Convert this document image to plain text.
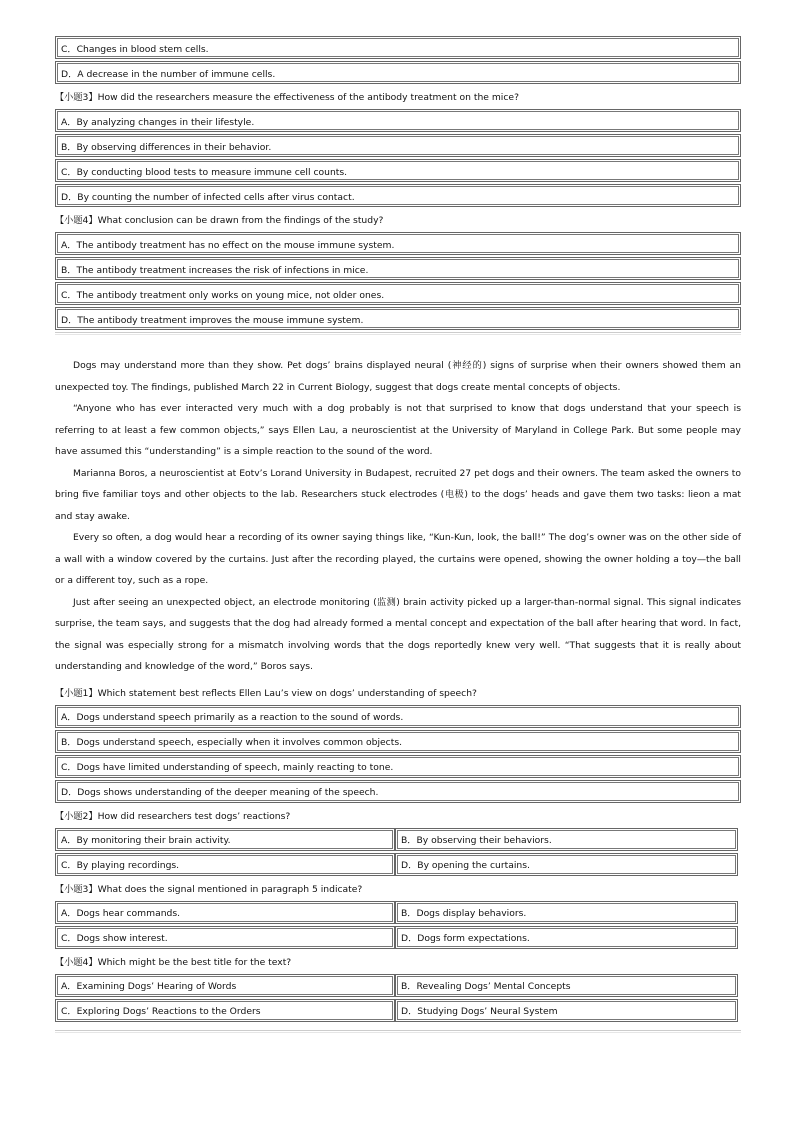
C．Changes in blood stem cells.
D．A decrease in the number of immune cells.
【小题3】How did the researchers measure the effectiveness of the antibody treatment on the mice?
A．By analyzing changes in their lifestyle.
B．By observing differences in their behavior.
C．By conducting blood tests to measure immune cell counts.
D．By counting the number of infected cells after virus contact.
【小题4】What conclusion can be drawn from the findings of the study?
A．The antibody treatment has no effect on the mouse immune system.
B．The antibody treatment increases the risk of infections in mice.
C．The antibody treatment only works on young mice, not older ones.
D．The antibody treatment improves the mouse immune system.

Dogs may understand more than they show. Pet dogs’ brains displayed neural (神经的) signs of surprise when their owners showed them an unexpected toy. The findings, published March 22 in Current Biology, suggest that dogs create mental concepts of objects.

“Anyone who has ever interacted very much with a dog probably is not that surprised to know that dogs understand that your speech is referring to at least a few common objects,” says Ellen Lau, a neuroscientist at the University of Maryland in College Park. But some people may have assumed this “understanding” is a simple reaction to the sound of the word.

Marianna Boros, a neuroscientist at Eotv’s Lorand University in Budapest, recruited 27 pet dogs and their owners. The team asked the owners to bring five familiar toys and other objects to the lab. Researchers stuck electrodes (电极) to the dogs’ heads and gave them two tasks: lieon a mat and stay awake.

Every so often, a dog would hear a recording of its owner saying things like, “Kun-Kun, look, the ball!” The dog’s owner was on the other side of a wall with a window covered by the curtains. Just after the recording played, the curtains were opened, showing the owner holding a toy—the ball or a different toy, such as a rope.

Just after seeing an unexpected object, an electrode monitoring (监测) brain activity picked up a larger-than-normal signal. This signal indicates surprise, the team says, and suggests that the dog had already formed a mental concept and expectation of the ball after hearing that word. In fact, the signal was especially strong for a mismatch involving words that the dogs reportedly knew very well. “That suggests that it is really about understanding and knowledge of the word,” Boros says.

【小题1】Which statement best reflects Ellen Lau’s view on dogs’ understanding of speech?
A．Dogs understand speech primarily as a reaction to the sound of words.
B．Dogs understand speech, especially when it involves common objects.
C．Dogs have limited understanding of speech, mainly reacting to tone.
D．Dogs shows understanding of the deeper meaning of the speech.
【小题2】How did researchers test dogs’ reactions?
A．By monitoring their brain activity.	B．By observing their behaviors.
C．By playing recordings.	D．By opening the curtains.
【小题3】What does the signal mentioned in paragraph 5 indicate?
A．Dogs hear commands.	B．Dogs display behaviors.
C．Dogs show interest.	D．Dogs form expectations.
【小题4】Which might be the best title for the text?
A．Examining Dogs’ Hearing of Words	B．Revealing Dogs’ Mental Concepts
C．Exploring Dogs’ Reactions to the Orders	D．Studying Dogs’ Neural System
